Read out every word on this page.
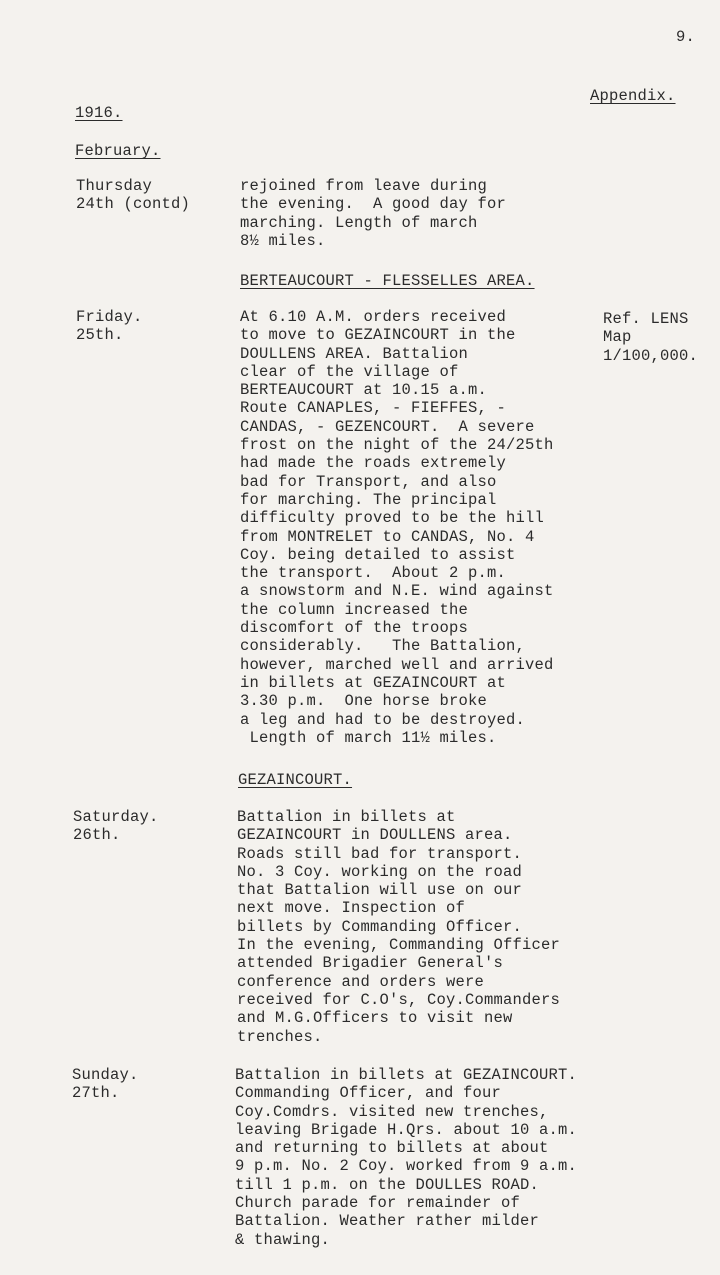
9.
Appendix.
1916.
February.
Thursday
24th (contd)
rejoined from leave during
the evening.  A good day for
marching. Length of march
8½ miles.
BERTEAUCOURT - FLESSELLES AREA.
Friday.
25th.
At 6.10 A.M. orders received
to move to GEZAINCOURT in the
DOULLENS AREA. Battalion
clear of the village of
BERTEAUCOURT at 10.15 a.m.
Route CANAPLES, - FIEFFES, -
CANDAS, - GEZENCOURT.  A severe
frost on the night of the 24/25th
had made the roads extremely
bad for Transport, and also
for marching. The principal
difficulty proved to be the hill
from MONTRELET to CANDAS, No. 4
Coy. being detailed to assist
the transport.  About 2 p.m.
a snowstorm and N.E. wind against
the column increased the
discomfort of the troops
considerably.   The Battalion,
however, marched well and arrived
in billets at GEZAINCOURT at
3.30 p.m.  One horse broke
a leg and had to be destroyed.
Length of march 11½ miles.
Ref. LENS
Map
1/100,000.
GEZAINCOURT.
Saturday.
26th.
Battalion in billets at
GEZAINCOURT in DOULLENS area.
Roads still bad for transport.
No. 3 Coy. working on the road
that Battalion will use on our
next move. Inspection of
billets by Commanding Officer.
In the evening, Commanding Officer
attended Brigadier General's
conference and orders were
received for C.O's, Coy.Commanders
and M.G.Officers to visit new
trenches.
Sunday.
27th.
Battalion in billets at GEZAINCOURT.
Commanding Officer, and four
Coy.Comdrs. visited new trenches,
leaving Brigade H.Qrs. about 10 a.m.
and returning to billets at about
9 p.m. No. 2 Coy. worked from 9 a.m.
till 1 p.m. on the DOULLES ROAD.
Church parade for remainder of
Battalion. Weather rather milder
& thawing.
